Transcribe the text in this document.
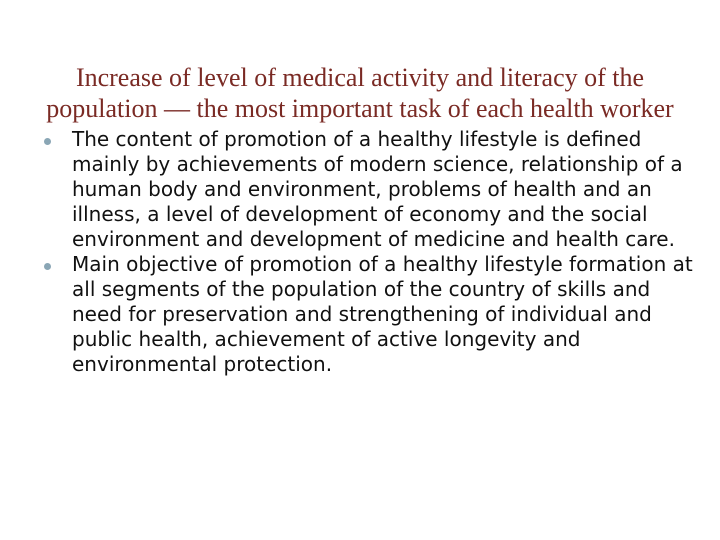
Increase of level of medical activity and literacy of the population — the most important task of each health worker
The content of promotion of a healthy lifestyle is defined mainly by achievements of modern science, relationship of a human body and environment, problems of health and an illness, a level of development of economy and the social environment and development of medicine and health care.
Main objective of promotion of a healthy lifestyle formation at all segments of the population of the country of skills and need for preservation and strengthening of individual and public health, achievement of active longevity and environmental protection.
